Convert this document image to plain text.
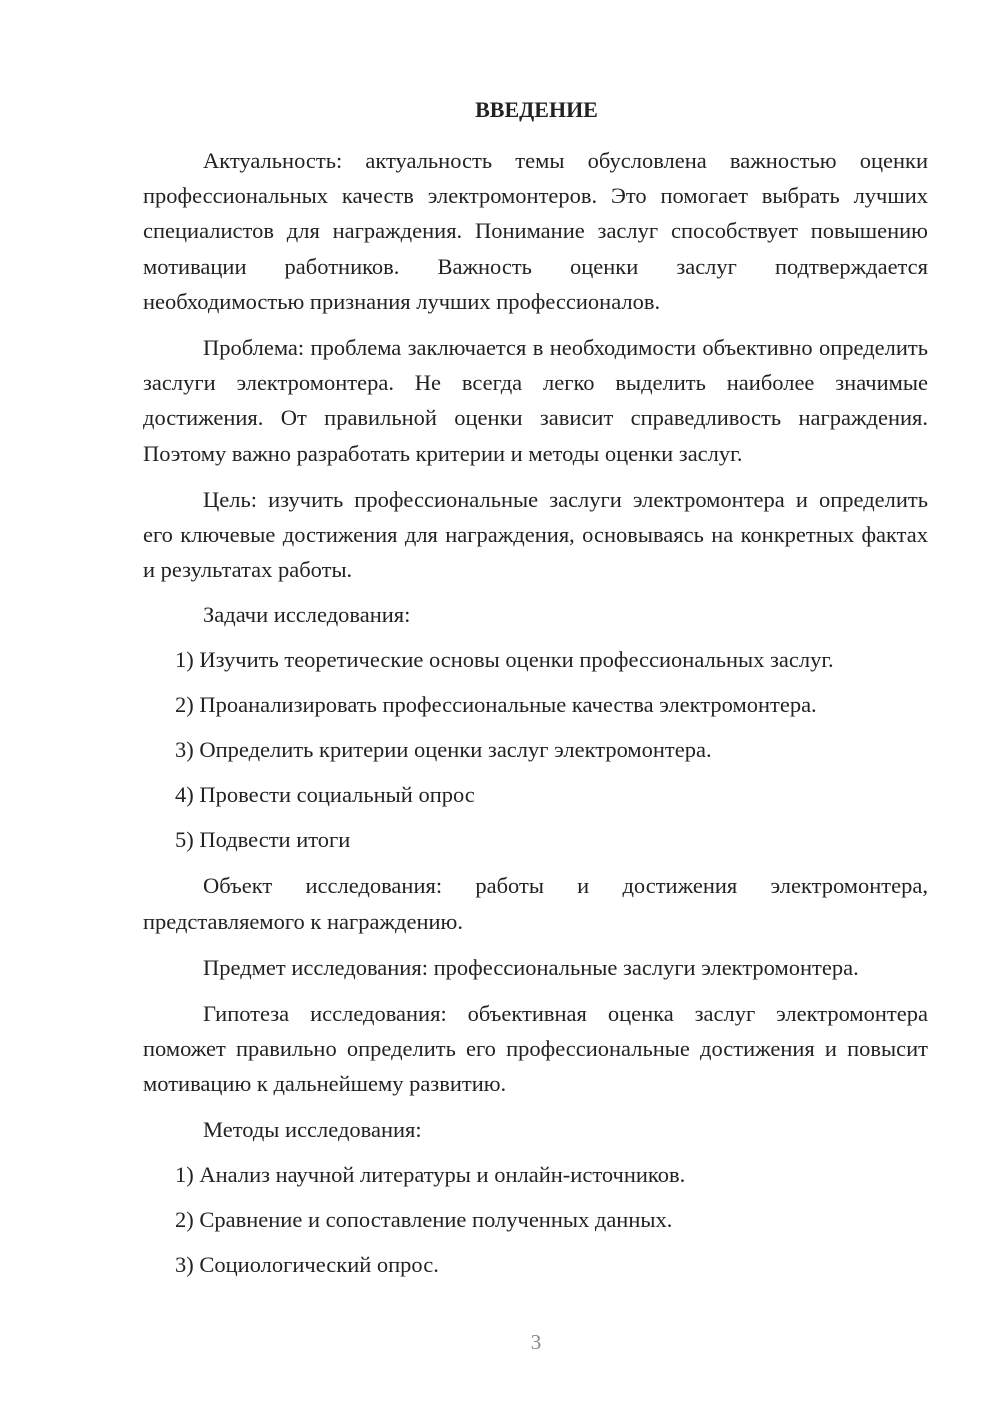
ВВЕДЕНИЕ

Актуальность: актуальность темы обусловлена важностью оценки профессиональных качеств электромонтеров. Это помогает выбрать лучших специалистов для награждения. Понимание заслуг способствует повышению мотивации работников. Важность оценки заслуг подтверждается необходимостью признания лучших профессионалов.

Проблема: проблема заключается в необходимости объективно определить заслуги электромонтера. Не всегда легко выделить наиболее значимые достижения. От правильной оценки зависит справедливость награждения. Поэтому важно разработать критерии и методы оценки заслуг.

Цель: изучить профессиональные заслуги электромонтера и определить его ключевые достижения для награждения, основываясь на конкретных фактах и результатах работы.

Задачи исследования:
1) Изучить теоретические основы оценки профессиональных заслуг.
2) Проанализировать профессиональные качества электромонтера.
3) Определить критерии оценки заслуг электромонтера.
4) Провести социальный опрос
5) Подвести итоги

Объект исследования: работы и достижения электромонтера, представляемого к награждению.

Предмет исследования: профессиональные заслуги электромонтера.

Гипотеза исследования: объективная оценка заслуг электромонтера поможет правильно определить его профессиональные достижения и повысит мотивацию к дальнейшему развитию.

Методы исследования:
1) Анализ научной литературы и онлайн-источников.
2) Сравнение и сопоставление полученных данных.
3) Социологический опрос.
3
